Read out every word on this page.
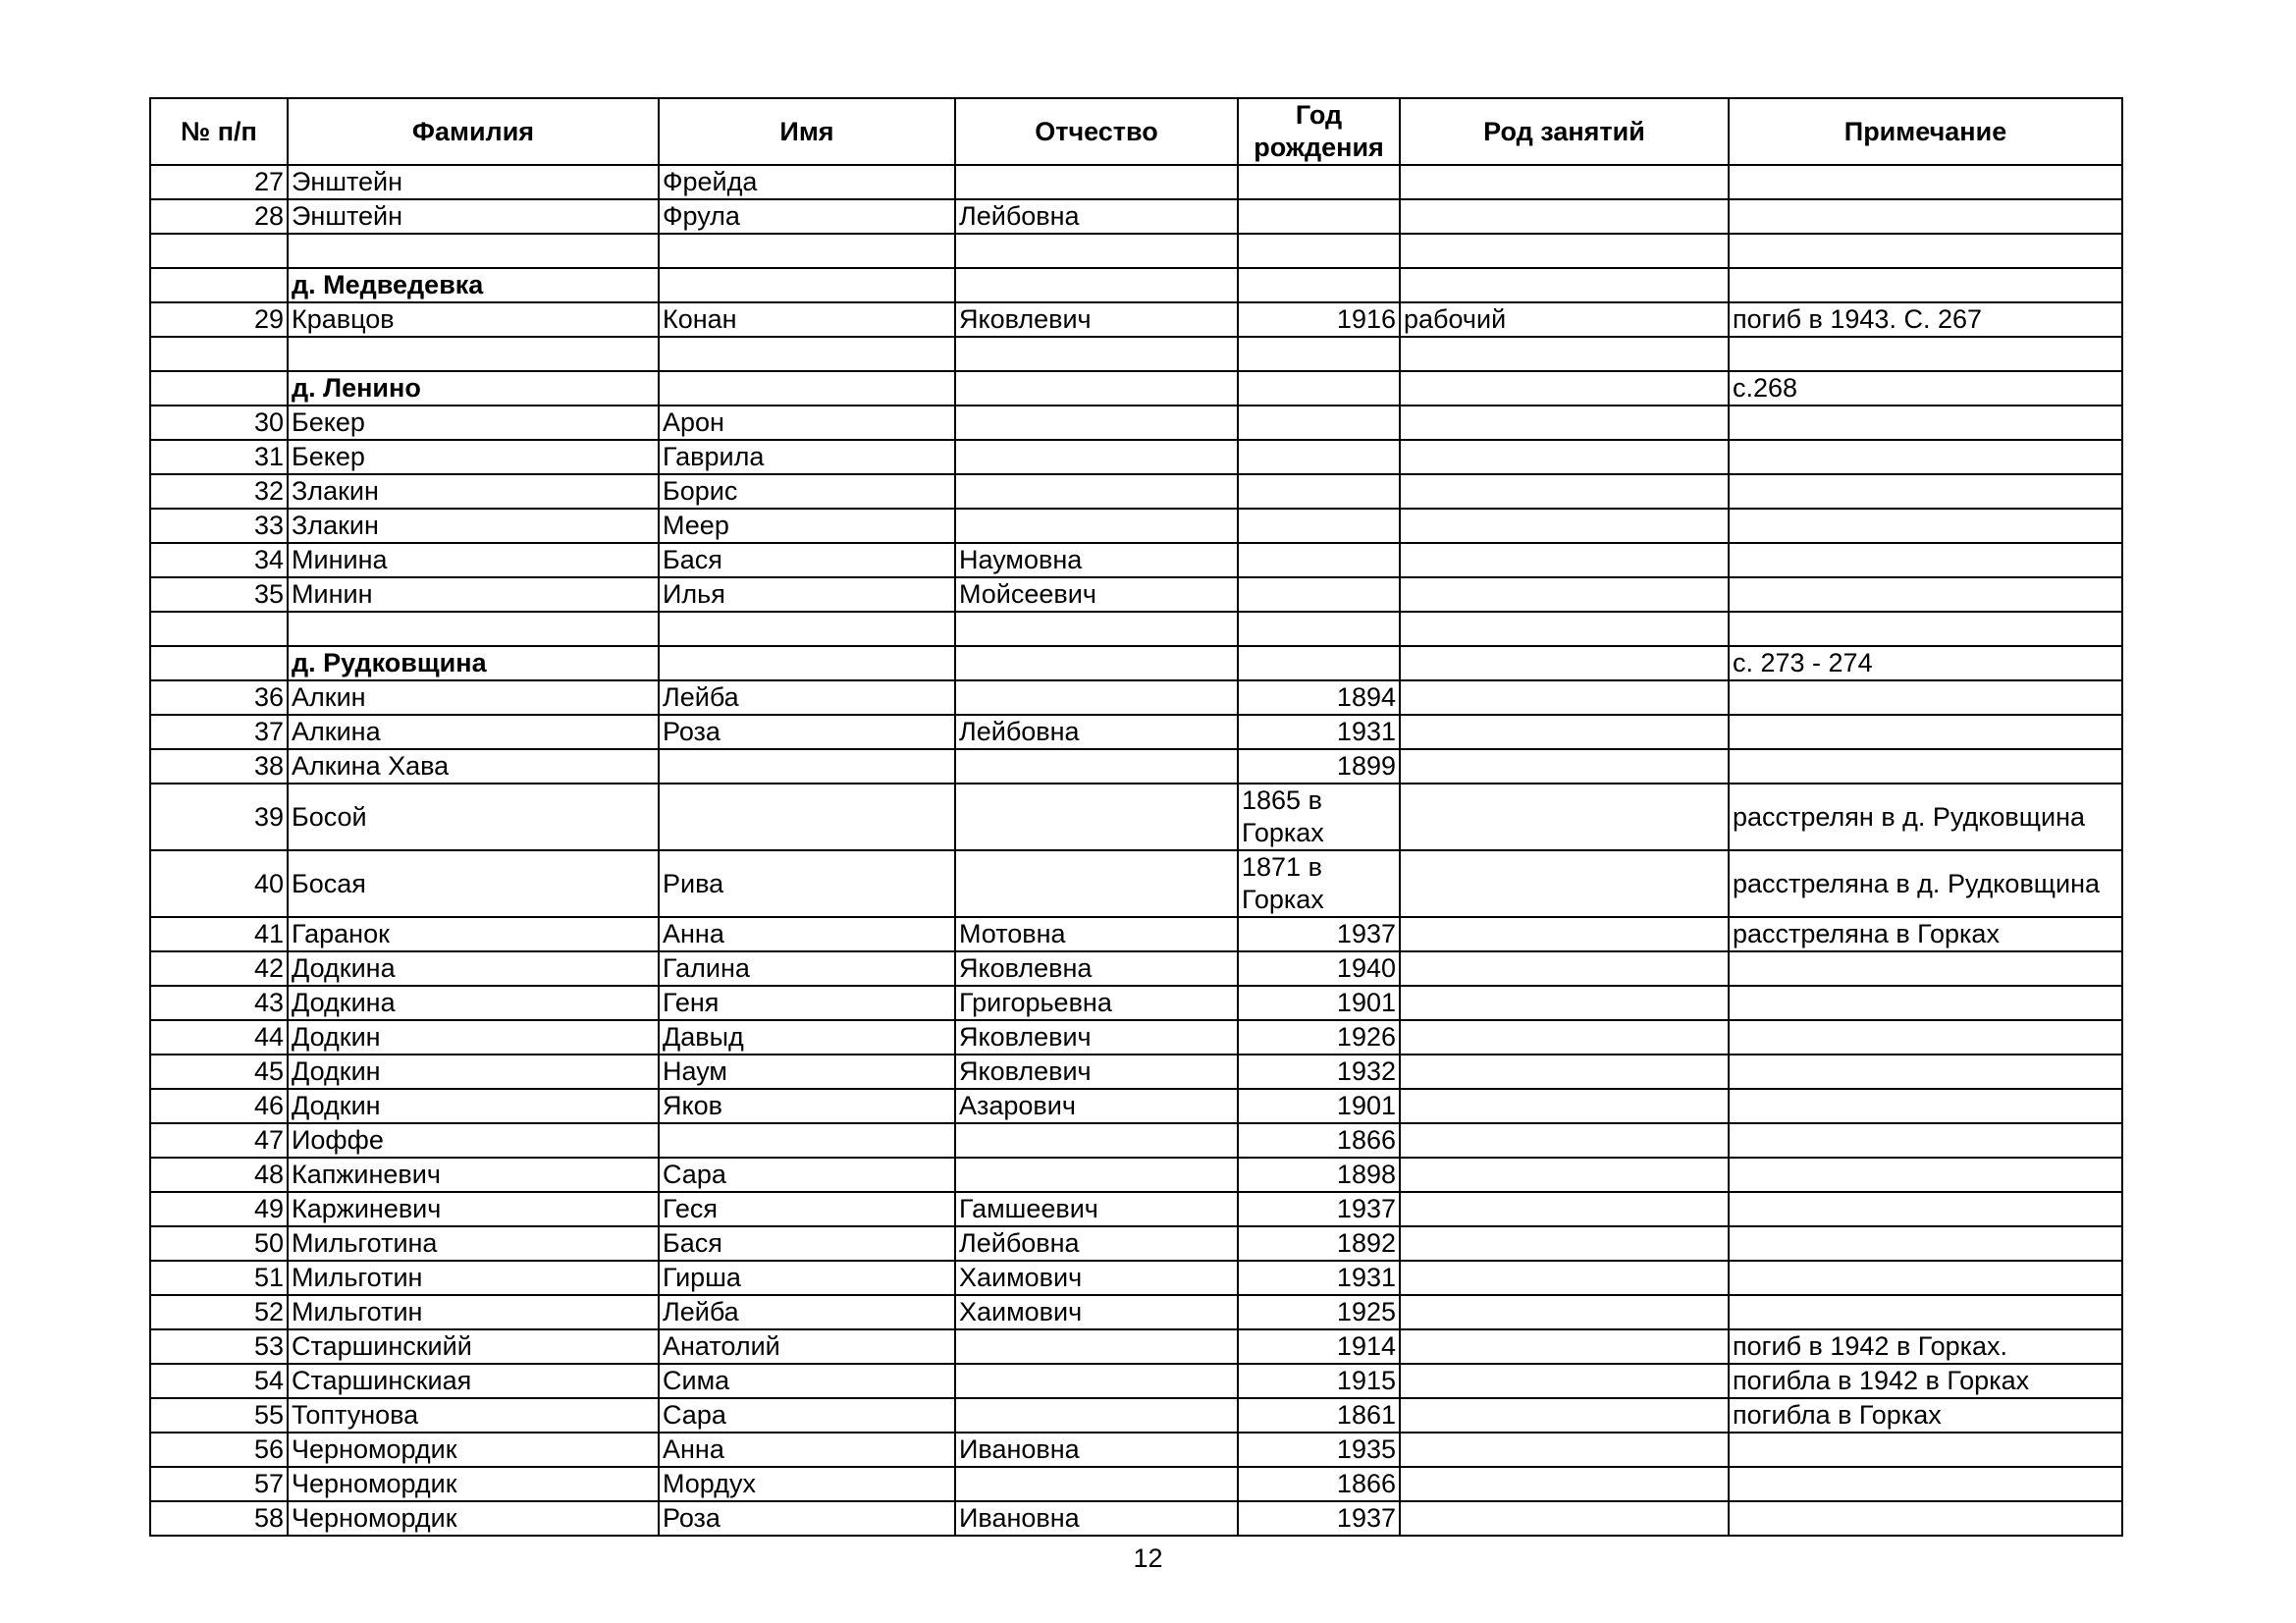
№ п/п	Фамилия	Имя	Отчество	Год рождения	Род занятий	Примечание
27	Энштейн	Фрейда				
28	Энштейн	Фрула	Лейбовна			

	д. Медведевка					
29	Кравцов	Конан	Яковлевич	1916	рабочий	погиб в 1943. С. 267

	д. Ленино					с.268
30	Бекер	Арон				
31	Бекер	Гаврила				
32	Злакин	Борис				
33	Злакин	Меер				
34	Минина	Бася	Наумовна			
35	Минин	Илья	Мойсеевич			

	д. Рудковщина					с. 273 - 274
36	Алкин	Лейба		1894		
37	Алкина	Роза	Лейбовна	1931		
38	Алкина Хава			1899		
39	Босой			1865 в Горках		расстрелян в д. Рудковщина
40	Босая	Рива		1871 в Горках		расстреляна в д. Рудковщина
41	Гаранок	Анна	Мотовна	1937		расстреляна в Горках
42	Додкина	Галина	Яковлевна	1940		
43	Додкина	Геня	Григорьевна	1901		
44	Додкин	Давыд	Яковлевич	1926		
45	Додкин	Наум	Яковлевич	1932		
46	Додкин	Яков	Азарович	1901		
47	Иоффе			1866		
48	Капжиневич	Сара		1898		
49	Каржиневич	Геся	Гамшеевич	1937		
50	Мильготина	Бася	Лейбовна	1892		
51	Мильготин	Гирша	Хаимович	1931		
52	Мильготин	Лейба	Хаимович	1925		
53	Старшинскийй	Анатолий		1914		погиб в 1942 в Горках.
54	Старшинскиая	Сима		1915		погибла в 1942 в Горках
55	Топтунова	Сара		1861		погибла в Горках
56	Черномордик	Анна	Ивановна	1935		
57	Черномордик	Мордух		1866		
58	Черномордик	Роза	Ивановна	1937		
12
